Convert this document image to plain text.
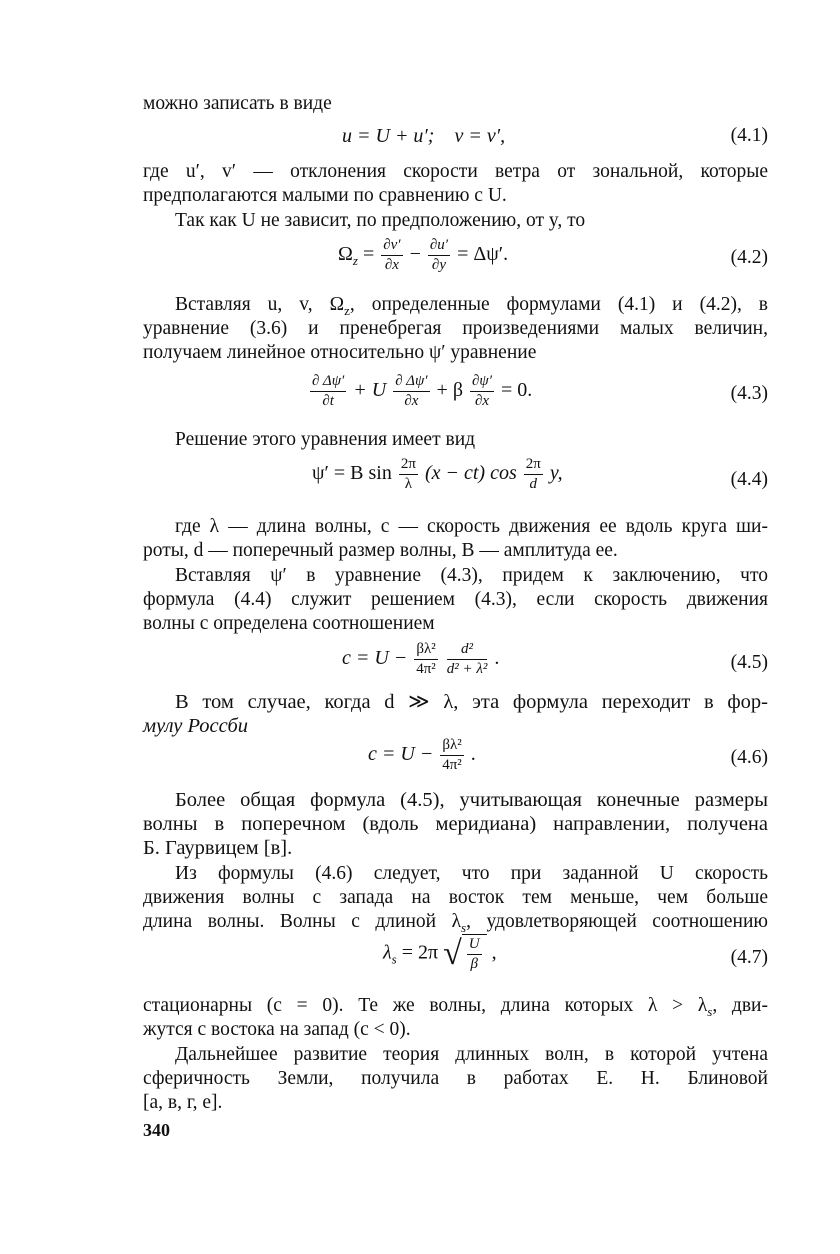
можно записать в виде
u = U + u′; v = v′,	(4.1)
где u′, v′ — отклонения скорости ветра от зональной, которые
предполагаются малыми по сравнению с U.
Так как U не зависит, по предположению, от y, то
$\Omega_z = \frac{\partial v'}{\partial x} - \frac{\partial u'}{\partial y} = \Delta\psi'$.	(4.2)
Вставляя u, v, $\Omega_z$, определенные формулами (4.1) и (4.2), в
уравнение (3.6) и пренебрегая произведениями малых величин,
получаем линейное относительно ψ′ уравнение
$\frac{\partial \Delta\psi'}{\partial t} + U \frac{\partial \Delta\psi'}{\partial x} + \beta \frac{\partial\psi'}{\partial x} = 0$.	(4.3)
Решение этого уравнения имеет вид
ψ′ = B $\sin \frac{2\pi}{\lambda} (x - ct)$ $\cos \frac{2\pi}{d} y$,	(4.4)
где λ — длина волны, c — скорость движения ее вдоль круга ши-
роты, d — поперечный размер волны, B — амплитуда ее.
Вставляя ψ′ в уравнение (4.3), придем к заключению, что
формула (4.4) служит решением (4.3), если скорость движения
волны c определена соотношением
$c = U - \frac{\text{βλ²}}{\text{4π²}}$
$\frac{\text{d²}}{\text{d² + λ²}}$ .	(4.5)
В том случае, когда d ≫ λ, эта формула переходит в фор-
мулу Россби
$c = U - \frac{\text{βλ²}}{\text{4π²}}$ .	(4.6)
Более общая формула (4.5), учитывающая конечные размеры
волны в поперечном (вдоль меридиана) направлении, получена
Б. Гаурвицем [в].
Из формулы (4.6) следует, что при заданной U скорость
движения волны с запада на восток тем меньше, чем больше
длина волны. Волны с длиной $\lambda_s$, удовлетворяющей соотношению
$\lambda_s = 2\pi$ √ $\frac{U}{\beta}$ ,	(4.7)
стационарны (c = 0). Те же волны, длина которых $\lambda > \lambda_s$, дви-
жутся с востока на запад (c < 0).
Дальнейшее развитие теория длинных волн, в которой учтена
сферичность Земли, получила в работах Е. Н. Блиновой
[а, в, г, е].
340
